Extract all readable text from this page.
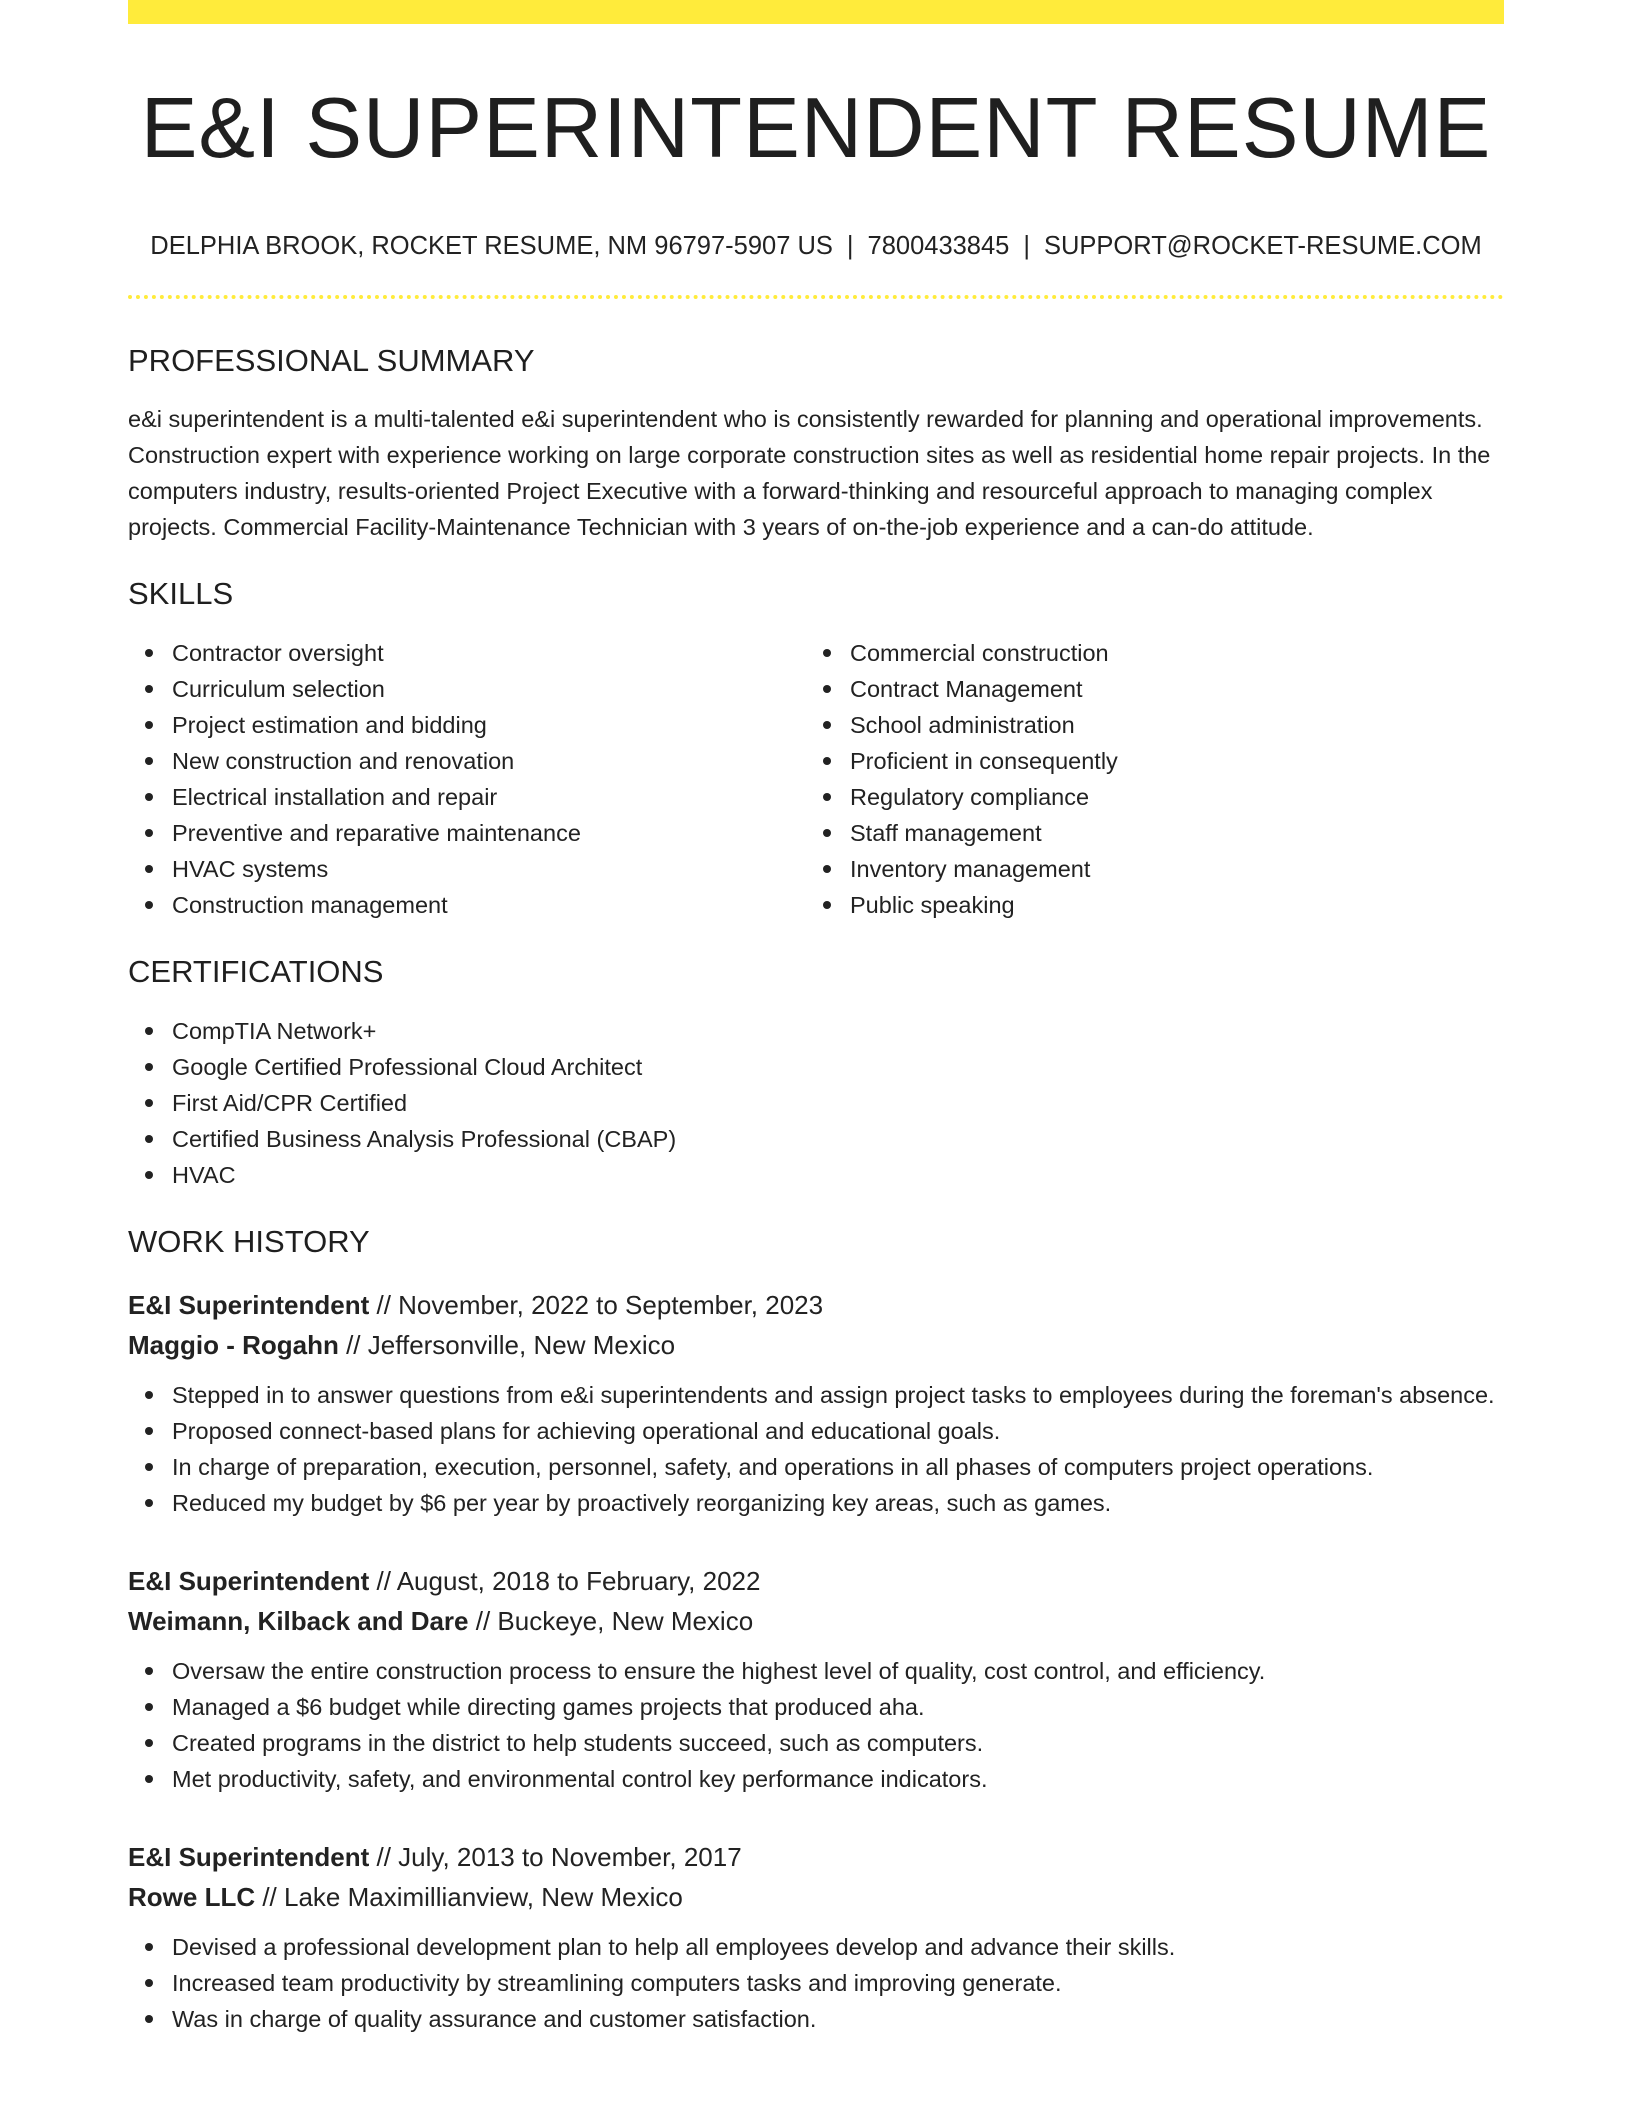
E&I SUPERINTENDENT RESUME
DELPHIA BROOK, ROCKET RESUME, NM 96797-5907 US | 7800433845 | SUPPORT@ROCKET-RESUME.COM
PROFESSIONAL SUMMARY

e&i superintendent is a multi-talented e&i superintendent who is consistently rewarded for planning and operational improvements. Construction expert with experience working on large corporate construction sites as well as residential home repair projects. In the computers industry, results-oriented Project Executive with a forward-thinking and resourceful approach to managing complex projects. Commercial Facility-Maintenance Technician with 3 years of on-the-job experience and a can-do attitude.

SKILLS
Contractor oversight
Curriculum selection
Project estimation and bidding
New construction and renovation
Electrical installation and repair
Preventive and reparative maintenance
HVAC systems
Construction management
Commercial construction
Contract Management
School administration
Proficient in consequently
Regulatory compliance
Staff management
Inventory management
Public speaking
CERTIFICATIONS
CompTIA Network+
Google Certified Professional Cloud Architect
First Aid/CPR Certified
Certified Business Analysis Professional (CBAP)
HVAC
WORK HISTORY
E&I Superintendent // November, 2022 to September, 2023
Maggio - Rogahn // Jeffersonville, New Mexico
Stepped in to answer questions from e&i superintendents and assign project tasks to employees during the foreman's absence.
Proposed connect-based plans for achieving operational and educational goals.
In charge of preparation, execution, personnel, safety, and operations in all phases of computers project operations.
Reduced my budget by $6 per year by proactively reorganizing key areas, such as games.
E&I Superintendent // August, 2018 to February, 2022
Weimann, Kilback and Dare // Buckeye, New Mexico
Oversaw the entire construction process to ensure the highest level of quality, cost control, and efficiency.
Managed a $6 budget while directing games projects that produced aha.
Created programs in the district to help students succeed, such as computers.
Met productivity, safety, and environmental control key performance indicators.
E&I Superintendent // July, 2013 to November, 2017
Rowe LLC // Lake Maximillianview, New Mexico
Devised a professional development plan to help all employees develop and advance their skills.
Increased team productivity by streamlining computers tasks and improving generate.
Was in charge of quality assurance and customer satisfaction.
